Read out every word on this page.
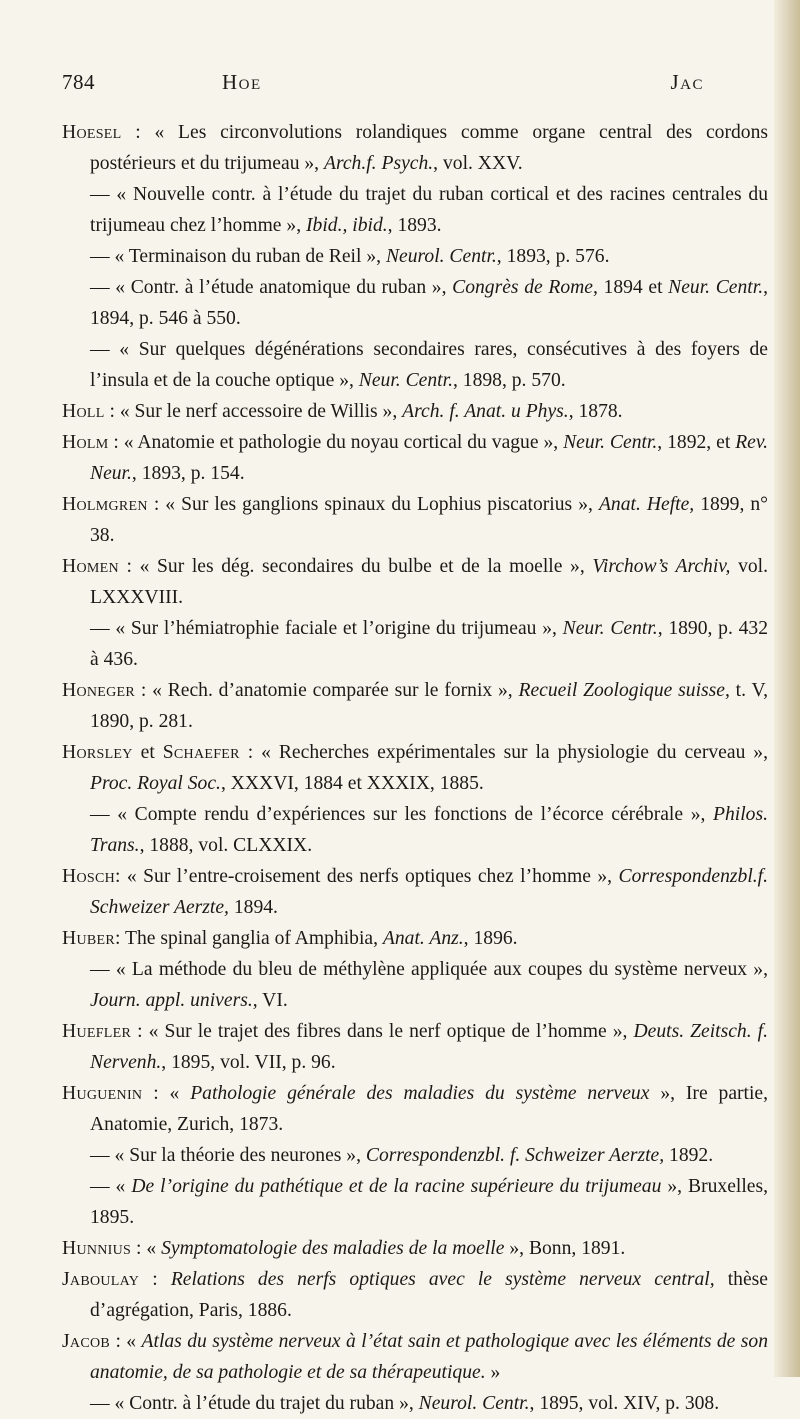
784	Hoe	Jac

Hoesel : « Les circonvolutions rolandiques comme organe central des cordons postérieurs et du trijumeau », Arch.f. Psych., vol. XXV.

— « Nouvelle contr. à l’étude du trajet du ruban cortical et des racines centrales du trijumeau chez l’homme », Ibid., ibid., 1893.

— « Terminaison du ruban de Reil », Neurol. Centr., 1893, p. 576.

— « Contr. à l’étude anatomique du ruban », Congrès de Rome, 1894 et Neur. Centr., 1894, p. 546 à 550.

— « Sur quelques dégénérations secondaires rares, consécutives à des foyers de l’insula et de la couche optique », Neur. Centr., 1898, p. 570.

Holl : « Sur le nerf accessoire de Willis », Arch. f. Anat. u Phys., 1878.

Holm : « Anatomie et pathologie du noyau cortical du vague », Neur. Centr., 1892, et Rev. Neur., 1893, p. 154.

Holmgren : « Sur les ganglions spinaux du Lophius piscatorius », Anat. Hefte, 1899, n° 38.

Homen : « Sur les dég. secondaires du bulbe et de la moelle », Virchow’s Archiv, vol. LXXXVIII.

— « Sur l’hémiatrophie faciale et l’origine du trijumeau », Neur. Centr., 1890, p. 432 à 436.

Honeger : « Rech. d’anatomie comparée sur le fornix », Recueil Zoologique suisse, t. V, 1890, p. 281.

Horsley et Schaefer : « Recherches expérimentales sur la physiologie du cerveau », Proc. Royal Soc., XXXVI, 1884 et XXXIX, 1885.

— « Compte rendu d’expériences sur les fonctions de l’écorce cérébrale », Philos. Trans., 1888, vol. CLXXIX.

Hosch: « Sur l’entre-croisement des nerfs optiques chez l’homme », Correspondenzbl.f. Schweizer Aerzte, 1894.

Huber: The spinal ganglia of Amphibia, Anat. Anz., 1896.

— « La méthode du bleu de méthylène appliquée aux coupes du système nerveux », Journ. appl. univers., VI.

Huefler : « Sur le trajet des fibres dans le nerf optique de l’homme », Deuts. Zeitsch. f. Nervenh., 1895, vol. VII, p. 96.

Huguenin : « Pathologie générale des maladies du système nerveux », Ire partie, Anatomie, Zurich, 1873.

— « Sur la théorie des neurones », Correspondenzbl. f. Schweizer Aerzte, 1892.

— « De l’origine du pathétique et de la racine supérieure du trijumeau », Bruxelles, 1895.

Hunnius : « Symptomatologie des maladies de la moelle », Bonn, 1891.

Jaboulay : Relations des nerfs optiques avec le système nerveux central, thèse d’agrégation, Paris, 1886.

Jacob : « Atlas du système nerveux à l’état sain et pathologique avec les éléments de son anatomie, de sa pathologie et de sa thérapeutique. »

— « Contr. à l’étude du trajet du ruban », Neurol. Centr., 1895, vol. XIV, p. 308.
